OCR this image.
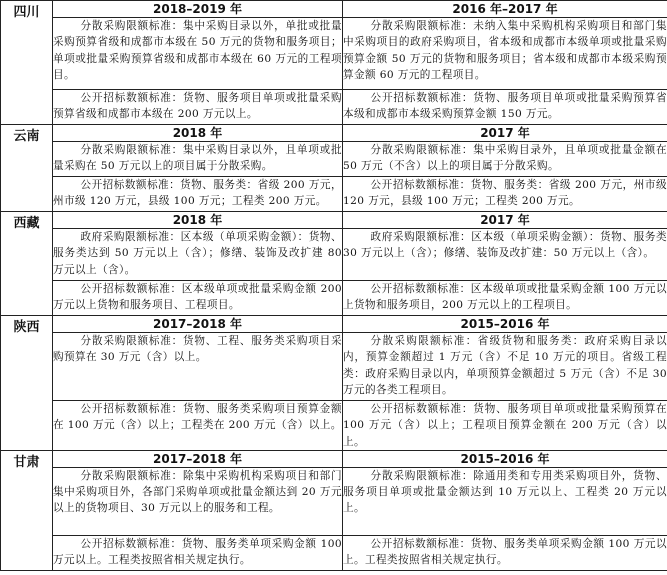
四川	2018–2019 年	2016 年–2017 年

	分散采购限额标准：集中采购目录以外，单批或批量采购预算省级和成都市本级在 50 万元的货物和服务项目；单项或批量采购预算省级和成都市本级在 60 万元的工程项目。	分散采购限额标准：未纳入集中采购机构采购项目和部门集中采购项目的政府采购项目，省本级和成都市本级单项或批量采购预算金额 50 万元的货物和服务项目；省本级和成都市本级采购预算金额 60 万元的工程项目。

	公开招标数额标准：货物、服务项目单项或批量采购预算省级和成都市本级在 200 万元以上。	公开招标数额标准：货物、服务项目单项或批量采购预算省本级和成都市本级采购预算金额 150 万元。

云南	2018 年	2017 年

	分散采购限额标准：集中采购目录以外，且单项或批量采购在 50 万元以上的项目属于分散采购。	分散采购限额标准：集中采购目录外，且单项或批量金额在 50 万元（不含）以上的项目属于分散采购。

	公开招标数额标准：货物、服务类：省级 200 万元，州市级 120 万元，县级 100 万元；工程类 200 万元。	公开招标数额标准：货物、服务类：省级 200 万元，州市级 120 万元，县级 100 万元；工程类 200 万元。

西藏	2018 年	2017 年

	政府采购限额标准：区本级（单项采购金额）：货物、服务类达到 50 万元以上（含）；修缮、装饰及改扩建 80 万元以上（含）。	政府采购限额标准：区本级（单项采购金额）：货物、服务类 30 万元以上（含）；修缮、装饰及改扩建：50 万元以上（含）。

	公开招标数额标准：区本级单项或批量采购金额 200 万元以上货物和服务项目、工程项目。	公开招标数额标准：区本级单项或批量采购金额 100 万元以上货物和服务项目，200 万元以上的工程项目。

陕西	2017–2018 年	2015–2016 年

	分散采购限额标准：货物、工程、服务类采购项目采购预算在 30 万元（含）以上。	分散采购限额标准：省级货物和服务类：政府采购目录以内，预算金额超过 1 万元（含）不足 10 万元的项目。省级工程类：政府采购目录以内，单项预算金额超过 5 万元（含）不足 30 万元的各类工程项目。

	公开招标数额标准：货物、服务类采购项目预算金额在 100 万元（含）以上；工程类在 200 万元（含）以上。	公开招标数额标准：货物、服务项目单项或批量采购预算在 100 万元（含）以上；工程项目预算金额在 200 万元（含）以上。

甘肃	2017–2018 年	2015–2016 年

	分散采购限额标准：除集中采购机构采购项目和部门集中采购项目外，各部门采购单项或批量金额达到 20 万元以上的货物项目、30 万元以上的服务和工程。	分散采购限额标准：除通用类和专用类采购项目外，货物、服务项目单项或批量金额达到 10 万元以上、工程类 20 万元以上。

	公开招标数额标准：货物、服务类单项采购金额 100 万元以上。工程类按照省相关规定执行。	公开招标数额标准：货物、服务类单项采购金额 100 万元以上。工程类按照省相关规定执行。
